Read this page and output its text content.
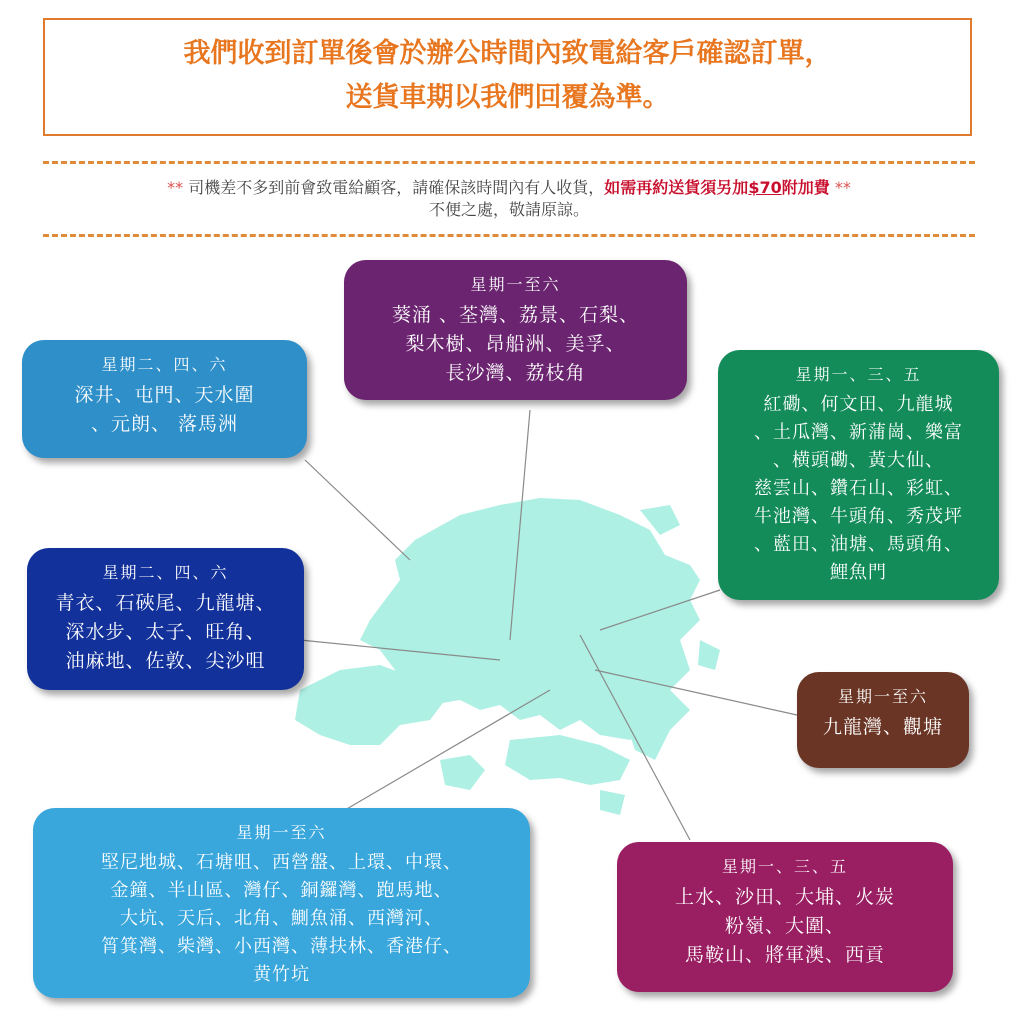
我們收到訂單後會於辦公時間內致電給客戶確認訂單，
送貨車期以我們回覆為準。
** 司機差不多到前會致電給顧客，請確保該時間內有人收貨，如需再約送貨須另加$70附加費 **
不便之處，敬請原諒。
星期一至六
葵涌 、荃灣、荔景、石梨、
梨木樹、昂船洲、美孚、
長沙灣、荔枝角
星期二、四、六
深井、屯門、天水圍
、元朗、 落馬洲
星期一、三、五
紅磡、何文田、九龍城
、土瓜灣、新蒲崗、樂富
、横頭磡、黃大仙、
慈雲山、鑽石山、彩虹、
牛池灣、牛頭角、秀茂坪
、藍田、油塘、馬頭角、
鯉魚門
星期二、四、六
青衣、石硤尾、九龍塘、
深水步、太子、旺角、
油麻地、佐敦、尖沙咀
星期一至六
九龍灣、觀塘
星期一至六
堅尼地城、石塘咀、西營盤、上環、中環、
金鐘、半山區、灣仔、銅鑼灣、跑馬地、
大坑、天后、北角、鰂魚涌、西灣河、
筲箕灣、柴灣、小西灣、薄扶林、香港仔、
黄竹坑
星期一、三、五
上水、沙田、大埔、火炭
粉嶺、大圍、
馬鞍山、將軍澳、西貢
